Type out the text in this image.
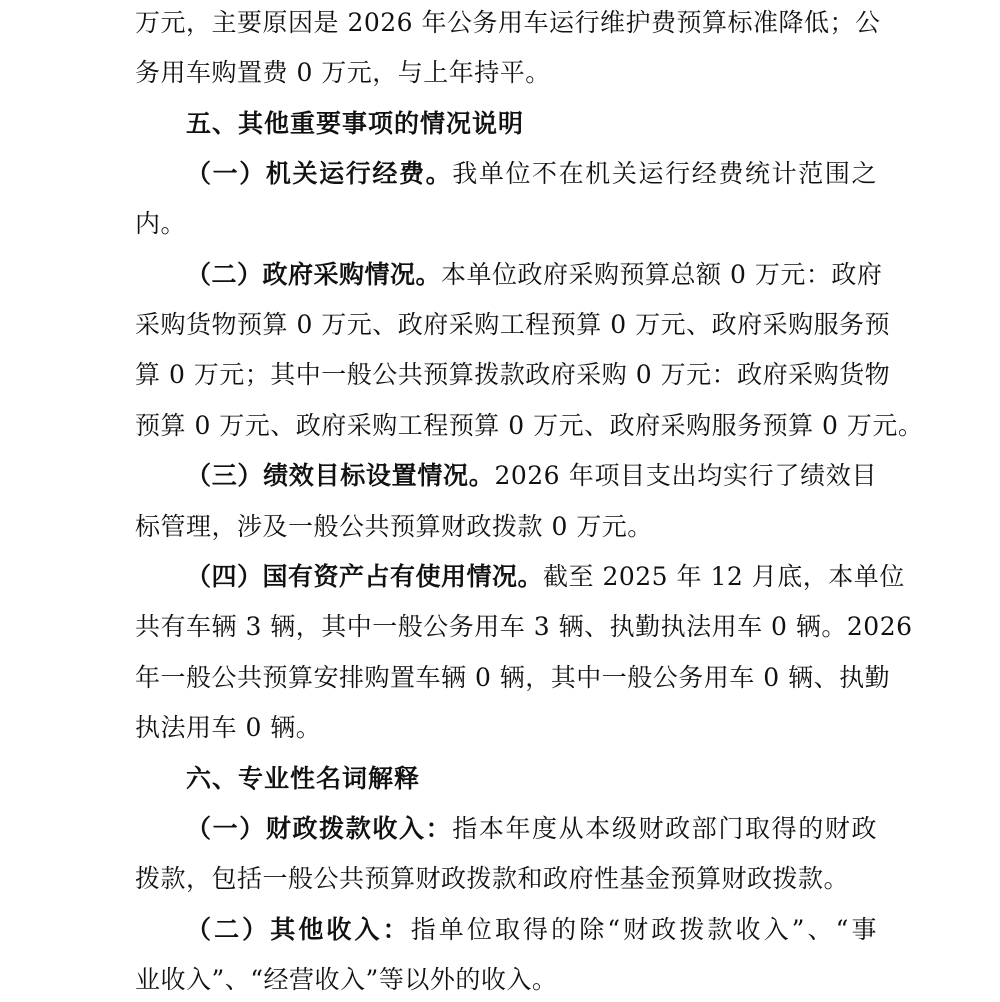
万元，主要原因是 2026 年公务用车运行维护费预算标准降低；公
务用车购置费 0 万元，与上年持平。
五、其他重要事项的情况说明
（一）机关运行经费。我单位不在机关运行经费统计范围之
内。
（二）政府采购情况。本单位政府采购预算总额 0 万元：政府
采购货物预算 0 万元、政府采购工程预算 0 万元、政府采购服务预
算 0 万元；其中一般公共预算拨款政府采购 0 万元：政府采购货物
预算 0 万元、政府采购工程预算 0 万元、政府采购服务预算 0 万元。
（三）绩效目标设置情况。2026 年项目支出均实行了绩效目
标管理，涉及一般公共预算财政拨款 0 万元。
（四）国有资产占有使用情况。截至 2025 年 12 月底，本单位
共有车辆 3 辆，其中一般公务用车 3 辆、执勤执法用车 0 辆。2026
年一般公共预算安排购置车辆 0 辆，其中一般公务用车 0 辆、执勤
执法用车 0 辆。
六、专业性名词解释
（一）财政拨款收入：指本年度从本级财政部门取得的财政
拨款，包括一般公共预算财政拨款和政府性基金预算财政拨款。
（二）其他收入：指单位取得的除“财政拨款收入”、“事
业收入”、“经营收入”等以外的收入。
